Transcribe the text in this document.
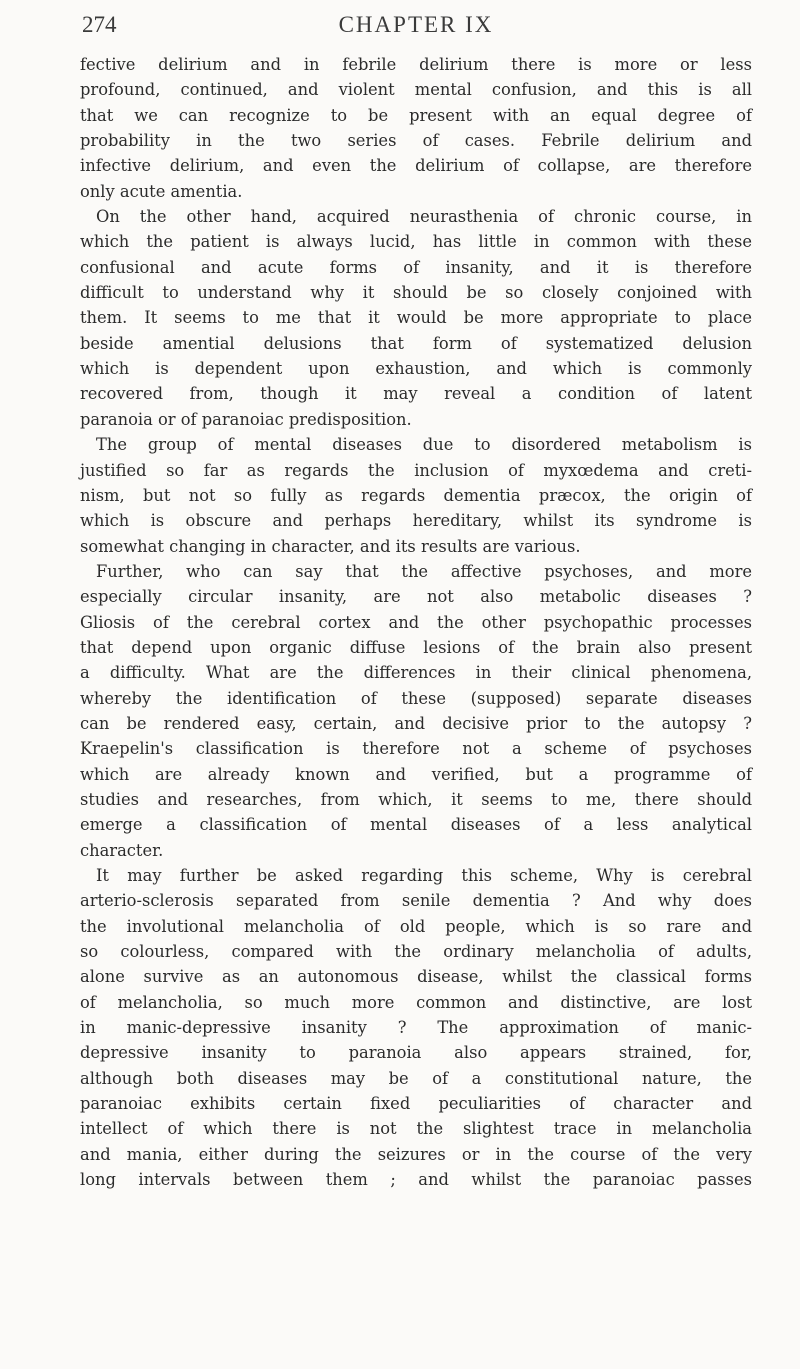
274	CHAPTER IX
fective delirium and in febrile delirium there is more or less
profound, continued, and violent mental confusion, and this is all
that we can recognize to be present with an equal degree of
probability in the two series of cases. Febrile delirium and
infective delirium, and even the delirium of collapse, are therefore
only acute amentia.
On the other hand, acquired neurasthenia of chronic course, in
which the patient is always lucid, has little in common with these
confusional and acute forms of insanity, and it is therefore
difficult to understand why it should be so closely conjoined with
them. It seems to me that it would be more appropriate to place
beside amential delusions that form of systematized delusion
which is dependent upon exhaustion, and which is commonly
recovered from, though it may reveal a condition of latent
paranoia or of paranoiac predisposition.
The group of mental diseases due to disordered metabolism is
justified so far as regards the inclusion of myxœdema and creti-
nism, but not so fully as regards dementia præcox, the origin of
which is obscure and perhaps hereditary, whilst its syndrome is
somewhat changing in character, and its results are various.
Further, who can say that the affective psychoses, and more
especially circular insanity, are not also metabolic diseases ?
Gliosis of the cerebral cortex and the other psychopathic processes
that depend upon organic diffuse lesions of the brain also present
a difficulty. What are the differences in their clinical phenomena,
whereby the identification of these (supposed) separate diseases
can be rendered easy, certain, and decisive prior to the autopsy ?
Kraepelin's classification is therefore not a scheme of psychoses
which are already known and verified, but a programme of
studies and researches, from which, it seems to me, there should
emerge a classification of mental diseases of a less analytical
character.
It may further be asked regarding this scheme, Why is cerebral
arterio-sclerosis separated from senile dementia ? And why does
the involutional melancholia of old people, which is so rare and
so colourless, compared with the ordinary melancholia of adults,
alone survive as an autonomous disease, whilst the classical forms
of melancholia, so much more common and distinctive, are lost
in manic-depressive insanity ? The approximation of manic-
depressive insanity to paranoia also appears strained, for,
although both diseases may be of a constitutional nature, the
paranoiac exhibits certain fixed peculiarities of character and
intellect of which there is not the slightest trace in melancholia
and mania, either during the seizures or in the course of the very
long intervals between them ; and whilst the paranoiac passes
